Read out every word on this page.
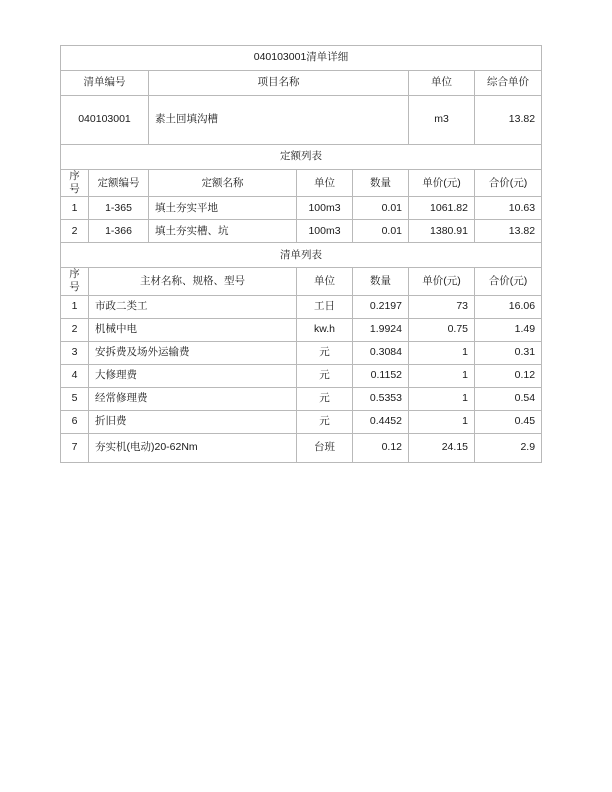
040103001清单详细						
清单编号		项目名称			单位	综合单价
040103001		素土回填沟槽			m3	13.82
定额列表						
序号	定额编号	定额名称	单位	数量	单价(元)	合价(元)
1	1-365	填土夯实平地	100m3	0.01	1061.82	10.63
2	1-366	填土夯实槽、坑	100m3	0.01	1380.91	13.82
清单列表						
序号	主材名称、规格、型号		单位	数量	单价(元)	合价(元)
1	市政二类工		工日	0.2197	73	16.06
2	机械中电		kw.h	1.9924	0.75	1.49
3	安拆费及场外运输费		元	0.3084	1	0.31
4	大修理费		元	0.1152	1	0.12
5	经常修理费		元	0.5353	1	0.54
6	折旧费		元	0.4452	1	0.45
7	夯实机(电动)20-62Nm		台班	0.12	24.15	2.9
